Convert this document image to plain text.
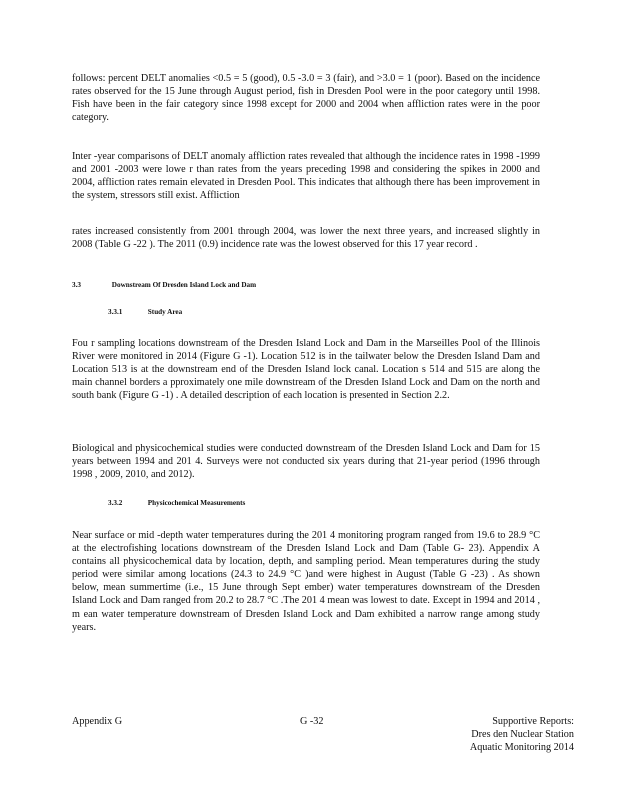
follows: percent DELT anomalies <0.5 = 5 (good), 0.5 -3.0 = 3 (fair), and >3.0 = 1 (poor). Based on the incidence rates observed for the 15 June through August period, fish in Dresden Pool were in the poor category until 1998. Fish have been in the fair category since 1998 except for 2000 and 2004 when affliction rates were in the poor category.

Inter -year comparisons of DELT anomaly affliction rates revealed that although the incidence rates in 1998 -1999 and 2001 -2003 were lowe r than rates from the years preceding 1998 and considering the spikes in 2000 and 2004, affliction rates remain elevated in Dresden Pool. This indicates that although there has been improvement in the system, stressors still exist. Affliction

rates increased consistently from 2001 through 2004, was lower the next three years, and increased slightly in 2008 (Table G -22 ). The 2011 (0.9) incidence rate was the lowest observed for this 17 year record .

3.3	Downstream Of Dresden Island Lock and Dam
3.3.1	Study Area

Fou r sampling locations downstream of the Dresden Island Lock and Dam in the Marseilles Pool of the Illinois River were monitored in 2014 (Figure G -1). Location 512 is in the tailwater below the Dresden Island Dam and Location 513 is at the downstream end of the Dresden Island lock canal. Location s 514 and 515 are along the main channel borders a pproximately one mile downstream of the Dresden Island Lock and Dam on the north and south bank (Figure G -1) . A detailed description of each location is presented in Section 2.2.

Biological and physicochemical studies were conducted downstream of the Dresden Island Lock and Dam for 15 years between 1994 and 201 4. Surveys were not conducted six years during that 21-year period (1996 through 1998 , 2009, 2010, and 2012).

3.3.2	Physicochemical Measurements

Near surface or mid -depth water temperatures during the 201 4 monitoring program ranged from 19.6 to 28.9 °C at the electrofishing locations downstream of the Dresden Island Lock and Dam (Table G- 23). Appendix A contains all physicochemical data by location, depth, and sampling period. Mean temperatures during the study period were similar among locations (24.3 to 24.9 °C )and were highest in August (Table G -23) . As shown below, mean summertime (i.e., 15 June through Sept ember) water temperatures downstream of the Dresden Island Lock and Dam ranged from 20.2 to 28.7 °C .The 201 4 mean was lowest to date. Except in 1994 and 2014 , m ean water temperature downstream of Dresden Island Lock and Dam exhibited a narrow range among study years.

Appendix G	G -32	Supportive Reports:
Dres den Nuclear Station
Aquatic Monitoring 2014
